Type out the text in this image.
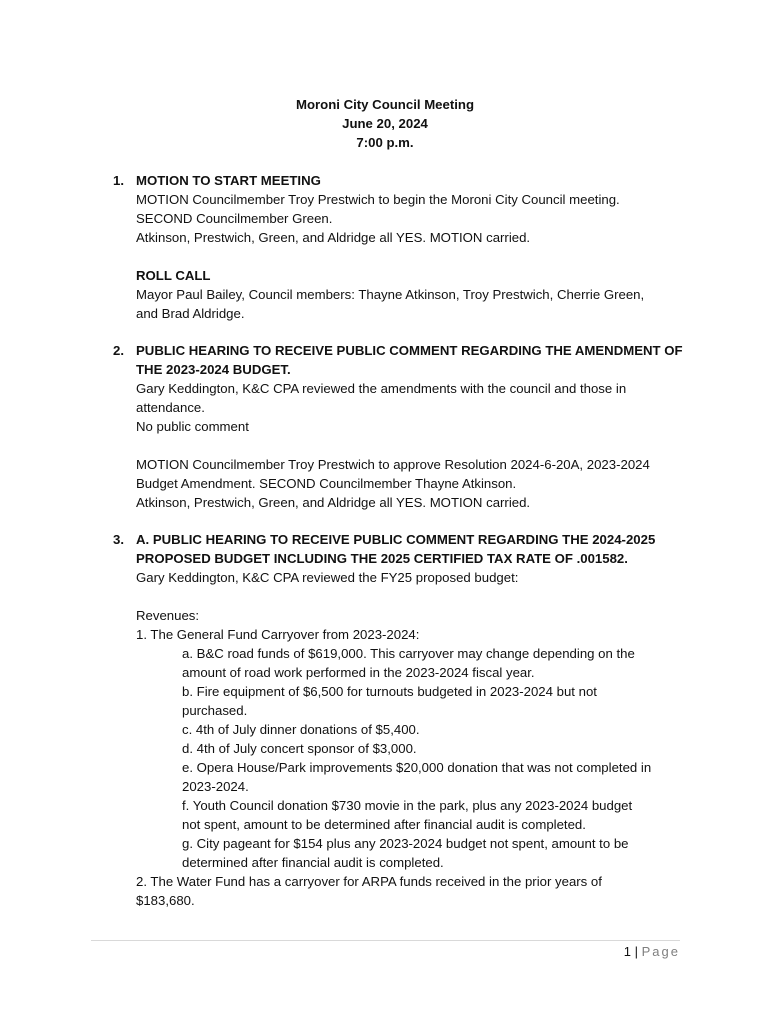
Moroni City Council Meeting
June 20, 2024
7:00 p.m.
1. MOTION TO START MEETING
MOTION Councilmember Troy Prestwich to begin the Moroni City Council meeting.
SECOND Councilmember Green.
Atkinson, Prestwich, Green, and Aldridge all YES. MOTION carried.
ROLL CALL
Mayor Paul Bailey, Council members: Thayne Atkinson, Troy Prestwich, Cherrie Green,
and Brad Aldridge.
2. PUBLIC HEARING TO RECEIVE PUBLIC COMMENT REGARDING THE AMENDMENT OF
THE 2023-2024 BUDGET.
Gary Keddington, K&C CPA reviewed the amendments with the council and those in
attendance.
No public comment
MOTION Councilmember Troy Prestwich to approve Resolution 2024-6-20A, 2023-2024
Budget Amendment. SECOND Councilmember Thayne Atkinson.
Atkinson, Prestwich, Green, and Aldridge all YES. MOTION carried.
3. A. PUBLIC HEARING TO RECEIVE PUBLIC COMMENT REGARDING THE 2024-2025
PROPOSED BUDGET INCLUDING THE 2025 CERTIFIED TAX RATE OF .001582.
Gary Keddington, K&C CPA reviewed the FY25 proposed budget:
Revenues:
1. The General Fund Carryover from 2023-2024:
a. B&C road funds of $619,000. This carryover may change depending on the
amount of road work performed in the 2023-2024 fiscal year.
b. Fire equipment of $6,500 for turnouts budgeted in 2023-2024 but not
purchased.
c. 4th of July dinner donations of $5,400.
d. 4th of July concert sponsor of $3,000.
e. Opera House/Park improvements $20,000 donation that was not completed in
2023-2024.
f. Youth Council donation $730 movie in the park, plus any 2023-2024 budget
not spent, amount to be determined after financial audit is completed.
g. City pageant for $154 plus any 2023-2024 budget not spent, amount to be
determined after financial audit is completed.
2. The Water Fund has a carryover for ARPA funds received in the prior years of
$183,680.
1 | Page
